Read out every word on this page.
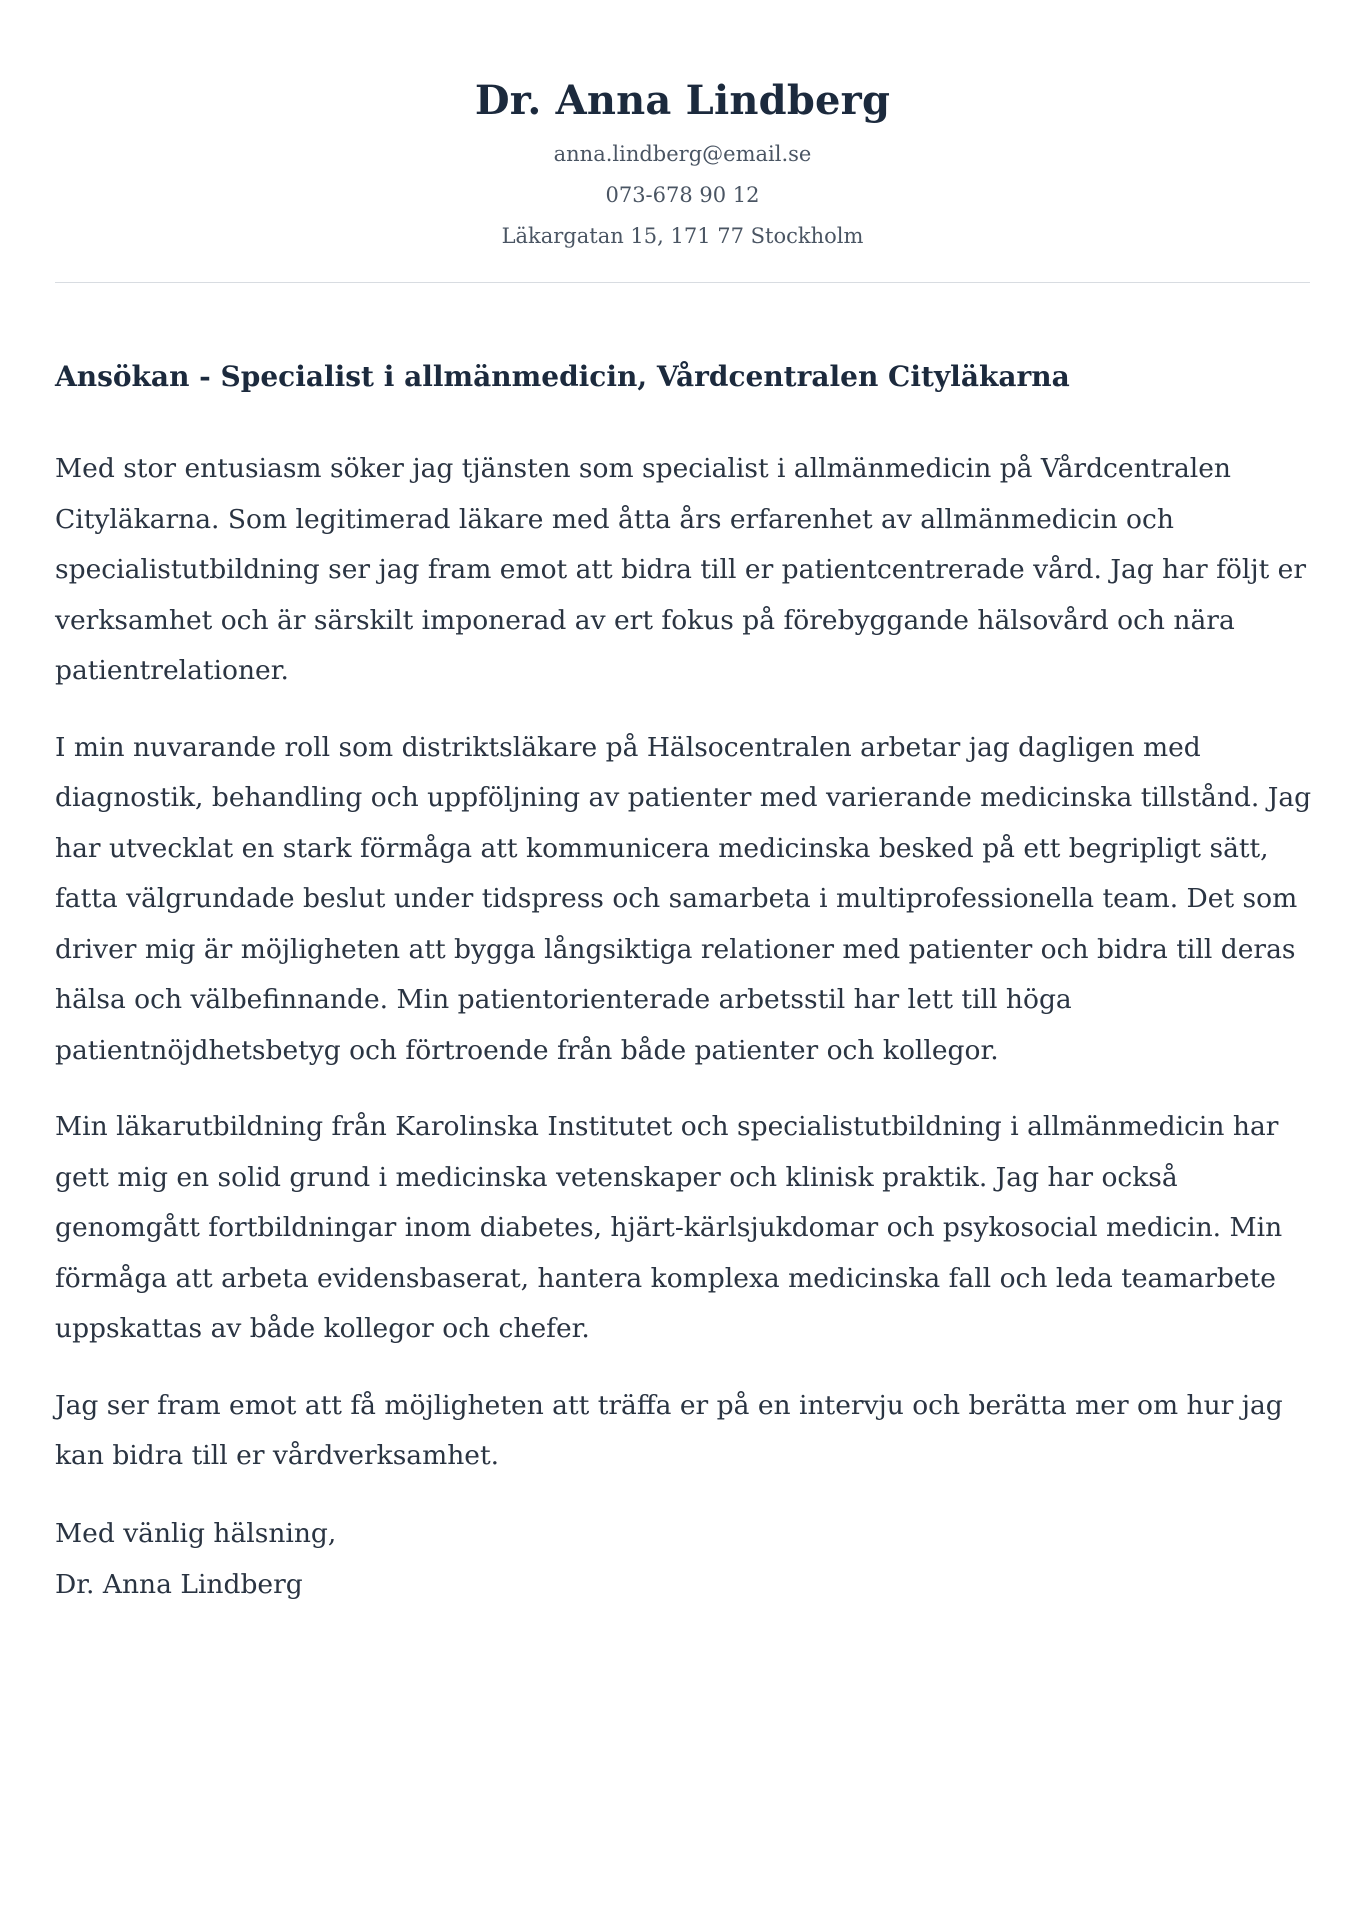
Dr. Anna Lindberg
anna.lindberg@email.se
073-678 90 12
Läkargatan 15, 171 77 Stockholm
Ansökan - Specialist i allmänmedicin, Vårdcentralen Cityläkarna

Med stor entusiasm söker jag tjänsten som specialist i allmänmedicin på Vårdcentralen Cityläkarna. Som legitimerad läkare med åtta års erfarenhet av allmänmedicin och specialistutbildning ser jag fram emot att bidra till er patientcentrerade vård. Jag har följt er verksamhet och är särskilt imponerad av ert fokus på förebyggande hälsovård och nära patientrelationer.

I min nuvarande roll som distriktsläkare på Hälsocentralen arbetar jag dagligen med diagnostik, behandling och uppföljning av patienter med varierande medicinska tillstånd. Jag har utvecklat en stark förmåga att kommunicera medicinska besked på ett begripligt sätt, fatta välgrundade beslut under tidspress och samarbeta i multiprofessionella team. Det som driver mig är möjligheten att bygga långsiktiga relationer med patienter och bidra till deras hälsa och välbefinnande. Min patientorienterade arbetsstil har lett till höga patientnöjdhetsbetyg och förtroende från både patienter och kollegor.

Min läkarutbildning från Karolinska Institutet och specialistutbildning i allmänmedicin har gett mig en solid grund i medicinska vetenskaper och klinisk praktik. Jag har också genomgått fortbildningar inom diabetes, hjärt-kärlsjukdomar och psykosocial medicin. Min förmåga att arbeta evidensbaserat, hantera komplexa medicinska fall och leda teamarbete uppskattas av både kollegor och chefer.

Jag ser fram emot att få möjligheten att träffa er på en intervju och berätta mer om hur jag kan bidra till er vårdverksamhet.

Med vänlig hälsning,
Dr. Anna Lindberg
